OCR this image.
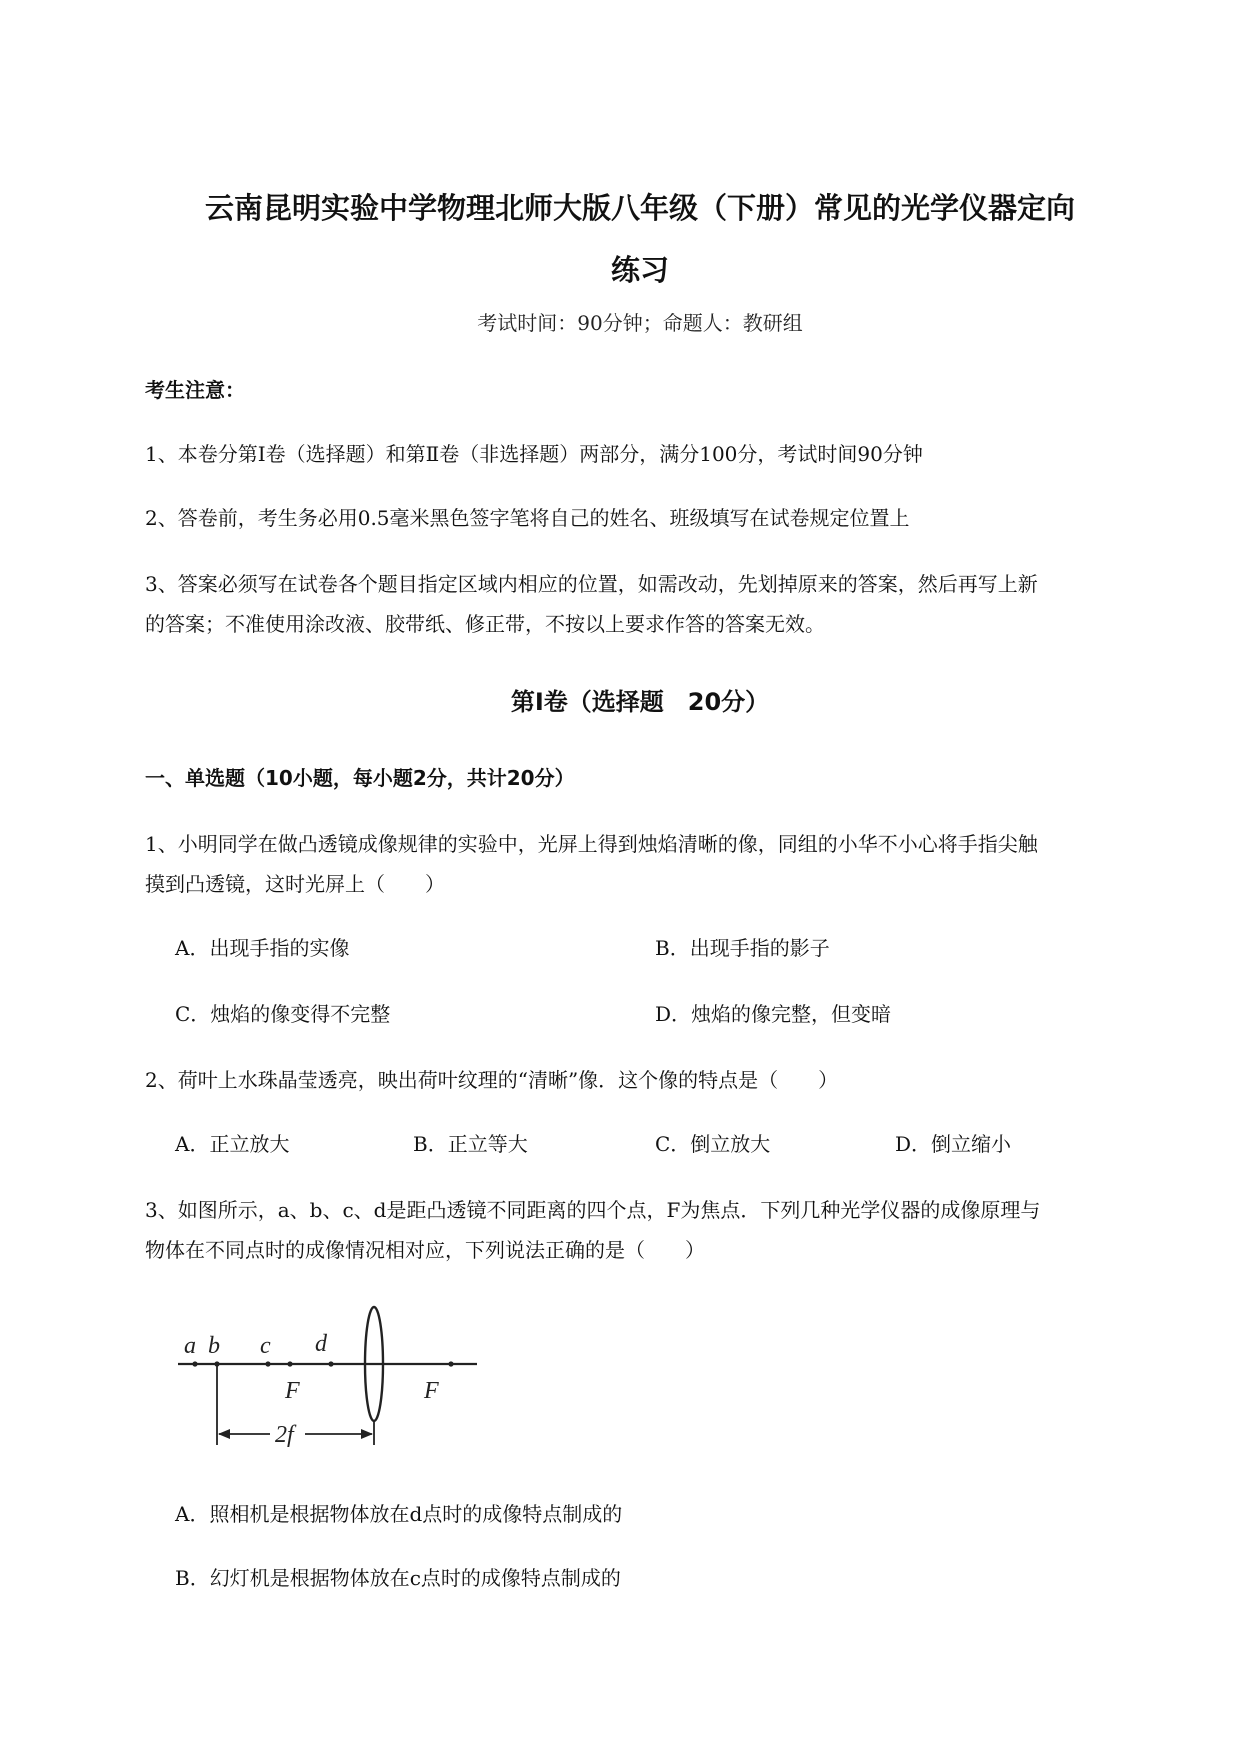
云南昆明实验中学物理北师大版八年级（下册）常见的光学仪器定向
练习
考试时间：90分钟；命题人：教研组
考生注意：
1、本卷分第Ⅰ卷（选择题）和第Ⅱ卷（非选择题）两部分，满分100分，考试时间90分钟
2、答卷前，考生务必用0.5毫米黑色签字笔将自己的姓名、班级填写在试卷规定位置上
3、答案必须写在试卷各个题目指定区域内相应的位置，如需改动，先划掉原来的答案，然后再写上新
的答案；不准使用涂改液、胶带纸、修正带，不按以上要求作答的答案无效。
第Ⅰ卷（选择题　20分）
一、单选题（10小题，每小题2分，共计20分）
1、小明同学在做凸透镜成像规律的实验中，光屏上得到烛焰清晰的像，同组的小华不小心将手指尖触
摸到凸透镜，这时光屏上（　　）
A．出现手指的实像	B．出现手指的影子
C．烛焰的像变得不完整	D．烛焰的像完整，但变暗
2、荷叶上水珠晶莹透亮，映出荷叶纹理的“清晰”像．这个像的特点是（　　）
A．正立放大	B．正立等大	C．倒立放大	D．倒立缩小
3、如图所示，a、b、c、d是距凸透镜不同距离的四个点，F为焦点．下列几种光学仪器的成像原理与
物体在不同点时的成像情况相对应，下列说法正确的是（　　）
a b c d
F	F
2f
A．照相机是根据物体放在d点时的成像特点制成的
B．幻灯机是根据物体放在c点时的成像特点制成的
